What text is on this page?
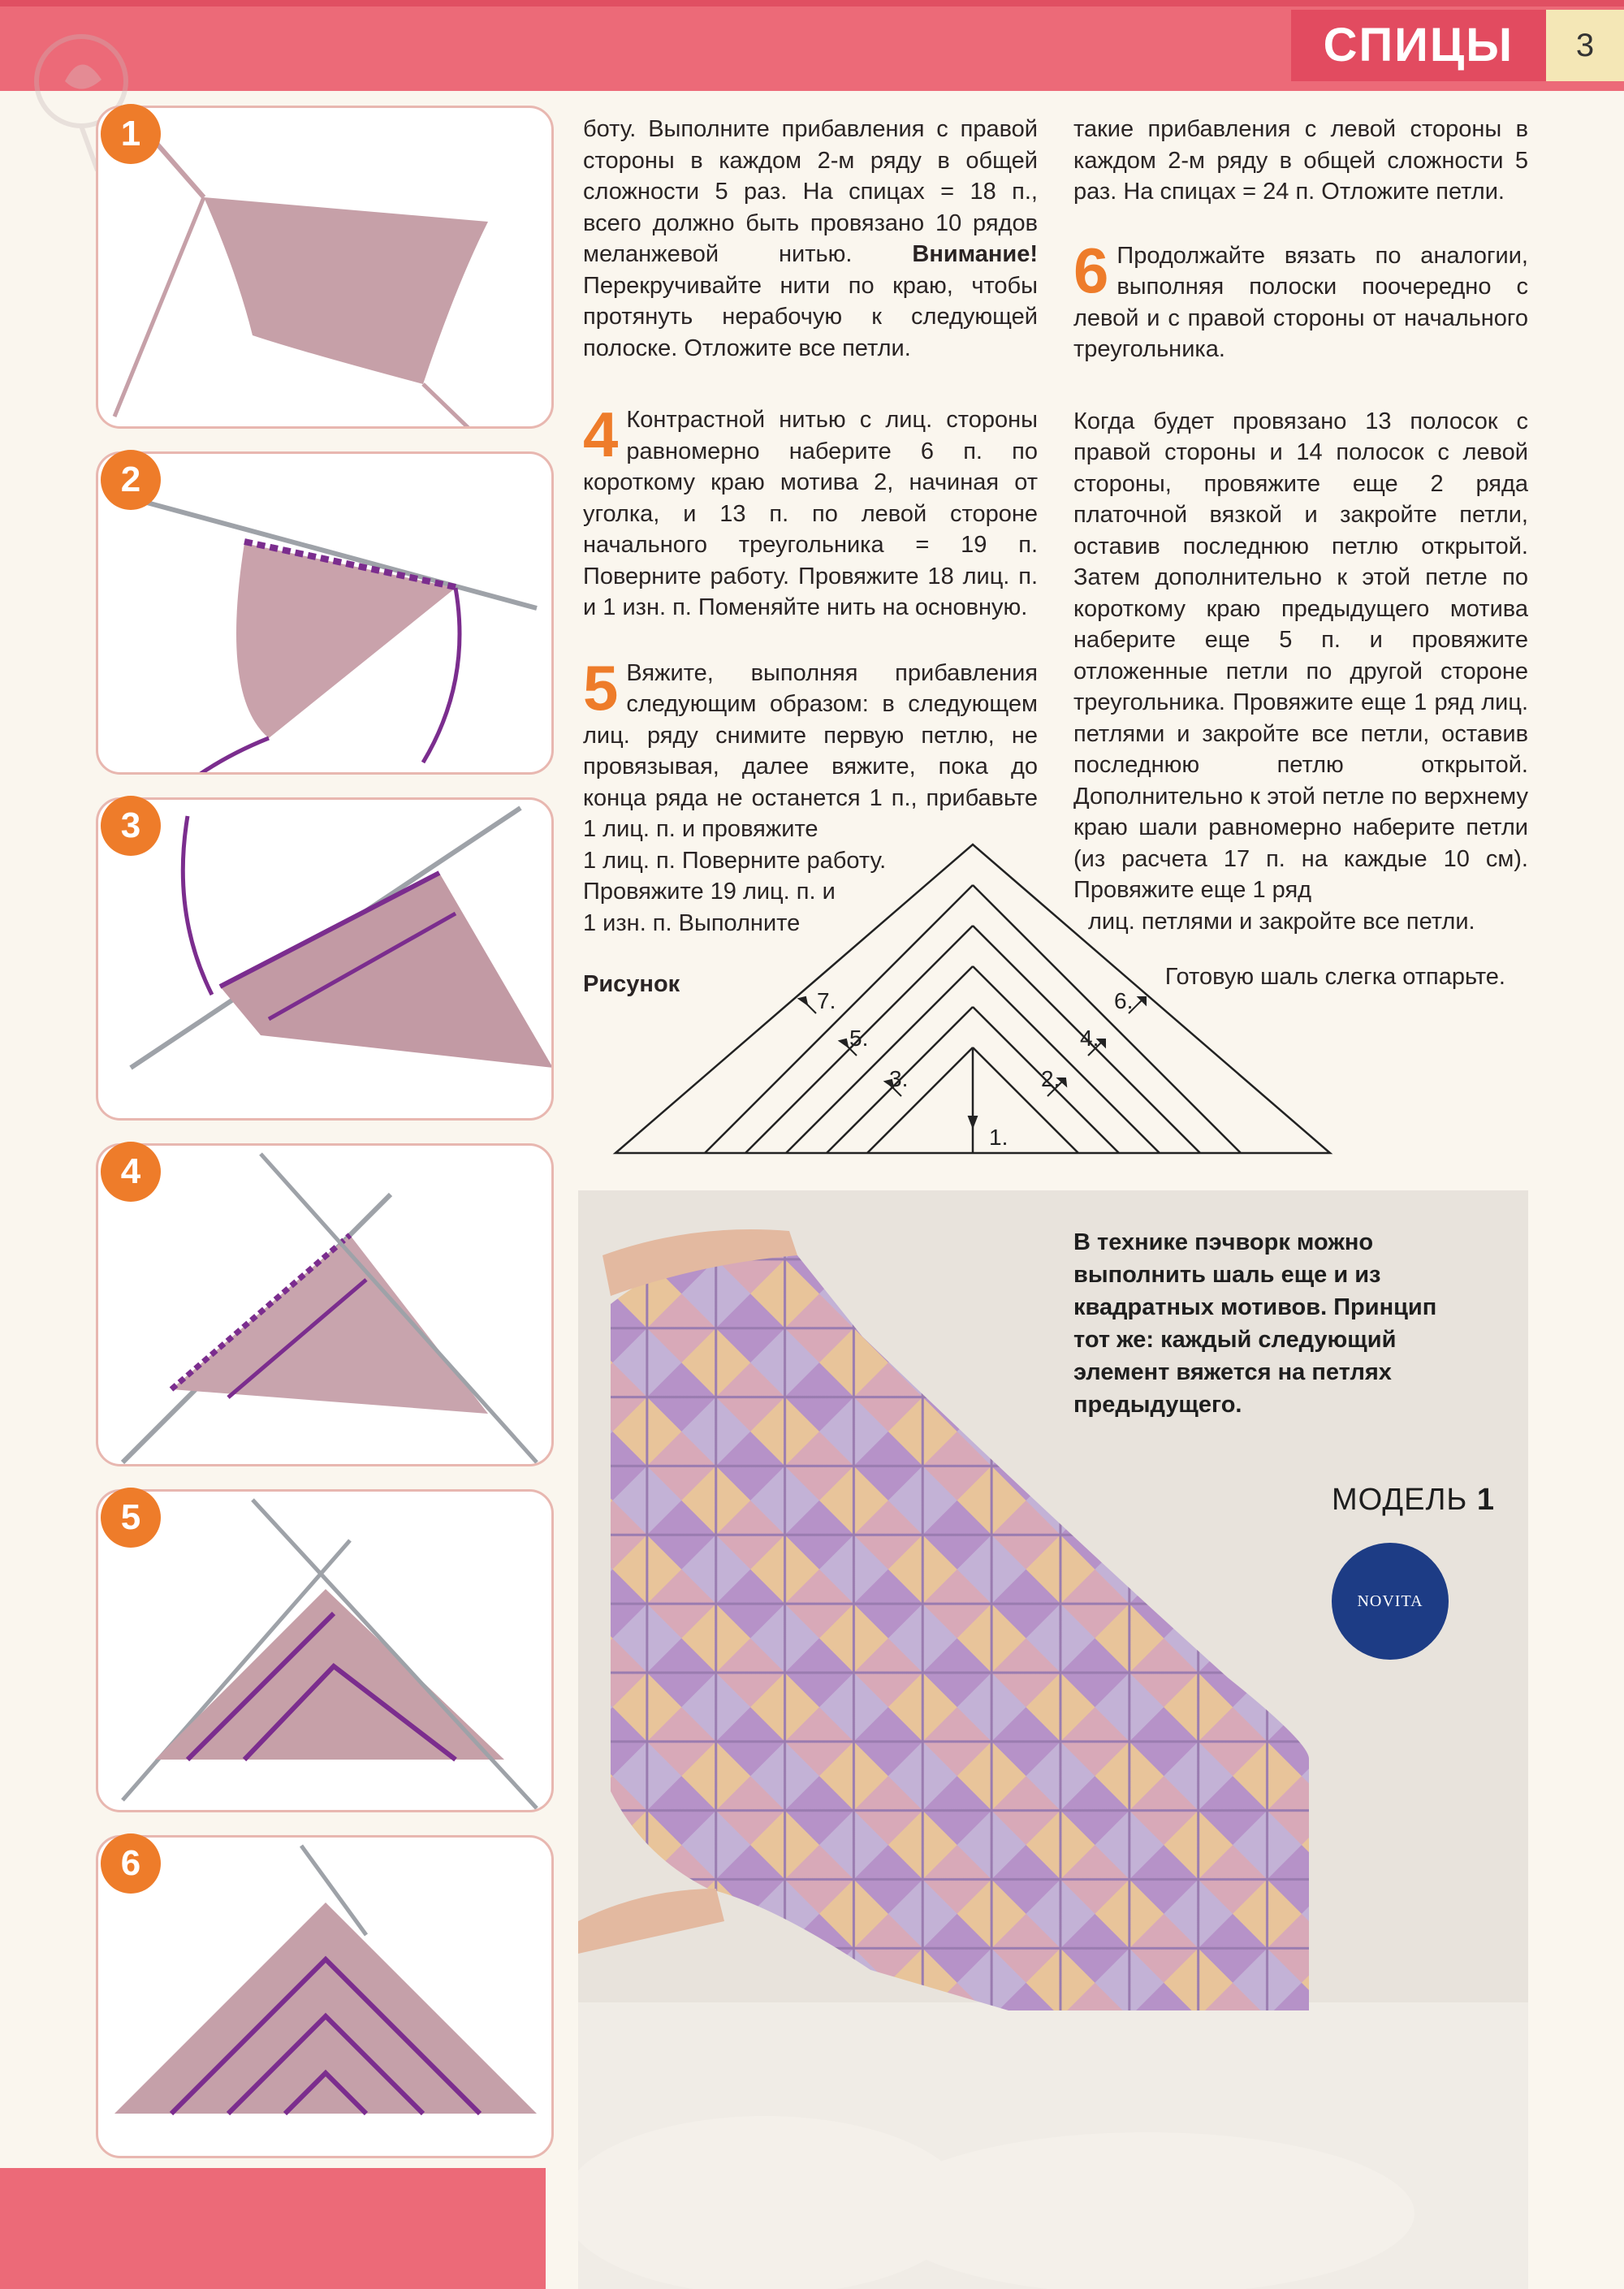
СПИЦЫ	3
1
2
3
4
5
6

боту. Выполните прибавления с правой стороны в каждом 2-м ряду в общей сложности 5 раз. На спицах = 18 п., всего должно быть провязано 10 рядов меланжевой нитью. Внимание! Перекручивайте нити по краю, чтобы протянуть нерабочую к следующей полоске. Отложите все петли.

4 Контрастной нитью с лиц. стороны равномерно наберите 6 п. по короткому краю мотива 2, начиная от уголка, и 13 п. по левой стороне начального треугольника = 19 п. Поверните работу. Провяжите 18 лиц. п. и 1 изн. п. Поменяйте нить на основную.

5 Вяжите, выполняя прибавления следующим образом: в следующем лиц. ряду снимите первую петлю, не провязывая, далее вяжите, пока до конца ряда не останется 1 п., прибавьте 1 лиц. п. и провяжите

1 лиц. п. Поверните работу.

Провяжите 19 лиц. п. и

1 изн. п. Выполните

такие прибавления с левой стороны в каждом 2-м ряду в общей сложности 5 раз. На спицах = 24 п. Отложите петли.

6 Продолжайте вязать по аналогии, выполняя полоски поочередно с левой и с правой стороны от начального треугольника.

Когда будет провязано 13 полосок с правой стороны и 14 полосок с левой стороны, провяжите еще 2 ряда платочной вязкой и закройте петли, оставив последнюю петлю открытой. Затем дополнительно к этой петле по короткому краю предыдущего мотива наберите еще 5 п. и провяжите отложенные петли по другой стороне треугольника. Провяжите еще 1 ряд лиц. петлями и закройте все петли, оставив последнюю петлю открытой. Дополнительно к этой петле по верхнему краю шали равномерно наберите петли (из расчета 17 п. на каждые 10 см). Провяжите еще 1 ряд

лиц. петлями и закройте все петли.

Готовую шаль слегка отпарьте.

Рисунок
1.
2.
3.
4.
5.
6.
7.
В технике пэчворк можно выполнить шаль еще и из квадратных мотивов. Принцип тот же: каждый следующий элемент вяжется на петлях предыдущего.
МОДЕЛЬ 1
NOVITA
